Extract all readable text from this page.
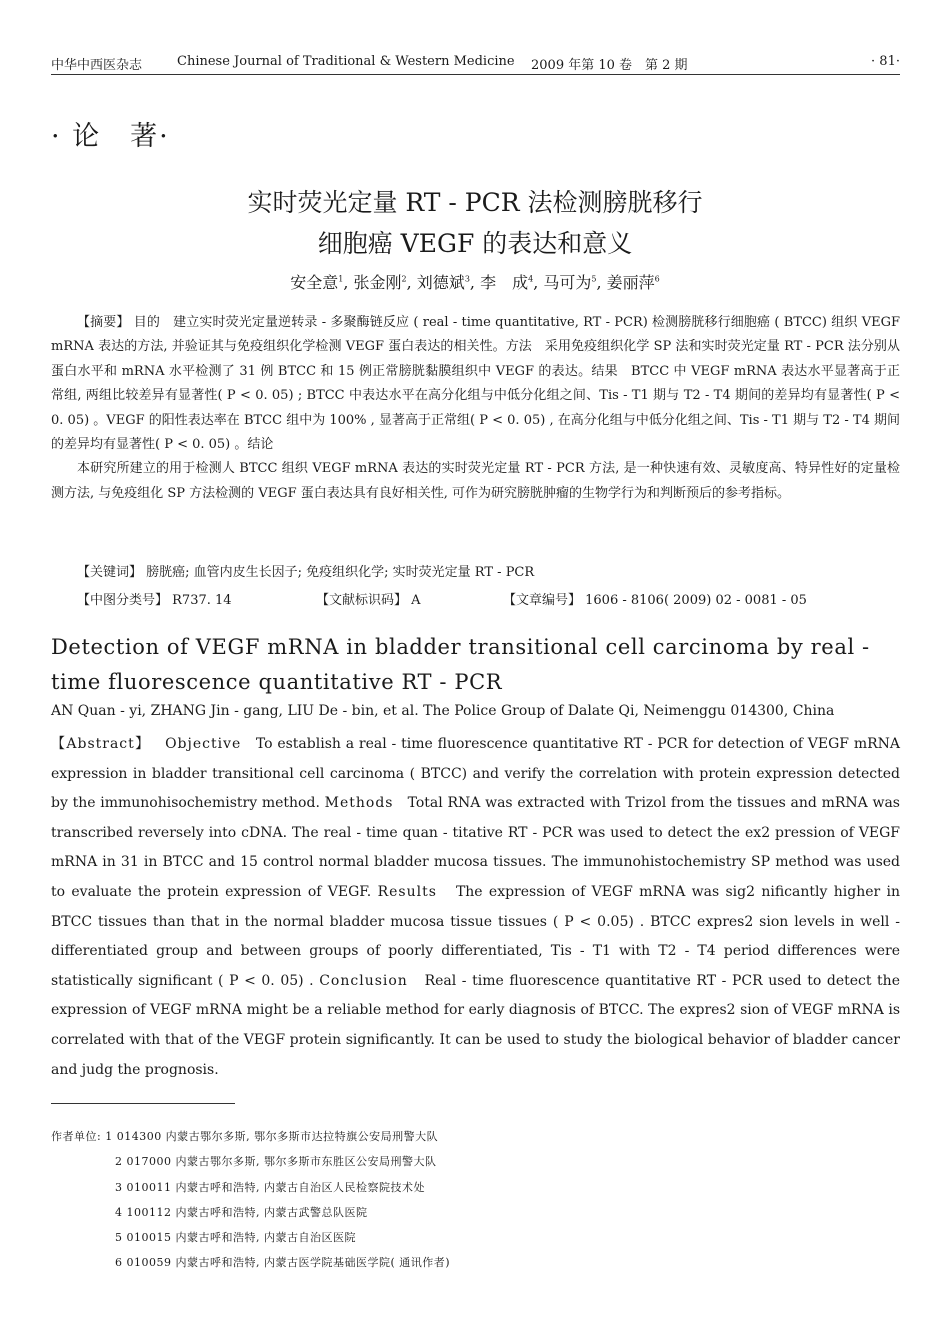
中华中西医杂志	Chinese Journal of Traditional & Western Medicine 2009 年第 10 卷　第 2 期	· 81·
· 论　著·
实时荧光定量 RT - PCR 法检测膀胱移行
细胞癌 VEGF 的表达和意义
安全意$^1$, 张金刚$^2$, 刘德斌$^3$, 李　成$^4$, 马可为$^5$, 姜丽萍$^6$
【摘要】 目的　建立实时荧光定量逆转录 - 多聚酶链反应 ( real - time quantitative, RT - PCR) 检测膀胱移行细胞癌 ( BTCC) 组织 VEGF mRNA 表达的方法, 并验证其与免疫组织化学检测 VEGF 蛋白表达的相关性。方法　采用免疫组织化学 SP 法和实时荧光定量 RT - PCR 法分别从蛋白水平和 mRNA 水平检测了 31 例 BTCC 和 15 例正常膀胱黏膜组织中 VEGF 的表达。结果　BTCC 中 VEGF mRNA 表达水平显著高于正常组, 两组比较差异有显著性( P < 0. 05) ; BTCC 中表达水平在高分化组与中低分化组之间、Tis - T1 期与 T2 - T4 期间的差异均有显著性( P < 0. 05) 。VEGF 的阳性表达率在 BTCC 组中为 100% , 显著高于正常组( P < 0. 05) , 在高分化组与中低分化组之间、Tis - T1 期与 T2 - T4 期间的差异均有显著性( P < 0. 05) 。结论
本研究所建立的用于检测人 BTCC 组织 VEGF mRNA 表达的实时荧光定量 RT - PCR 方法, 是一种快速有效、灵敏度高、特异性好的定量检测方法, 与免疫组化 SP 方法检测的 VEGF 蛋白表达具有良好相关性, 可作为研究膀胱肿瘤的生物学行为和判断预后的参考指标。
【关键词】 膀胱癌; 血管内皮生长因子; 免疫组织化学; 实时荧光定量 RT - PCR
【中图分类号】 R737. 14	【文献标识码】 A	【文章编号】 1606 - 8106( 2009) 02 - 0081 - 05
Detection of VEGF mRNA in bladder transitional cell carcinoma by real - time fluorescence quantitative RT - PCR
AN Quan - yi, ZHANG Jin - gang, LIU De - bin, et al. The Police Group of Dalate Qi, Neimenggu 014300, China
【Abstract】 Objective To establish a real - time fluorescence quantitative RT - PCR for detection of VEGF mRNA expression in bladder transitional cell carcinoma ( BTCC) and verify the correlation with protein expression detected by the immunohisochemistry method. Methods Total RNA was extracted with Trizol from the tissues and mRNA was transcribed reversely into cDNA. The real - time quan - titative RT - PCR was used to detect the ex2 pression of VEGF mRNA in 31 in BTCC and 15 control normal bladder mucosa tissues. The immunohistochemistry SP method was used to evaluate the protein expression of VEGF. Results The expression of VEGF mRNA was sig2 nificantly higher in BTCC tissues than that in the normal bladder mucosa tissue tissues ( P < 0.05) . BTCC expres2 sion levels in well - differentiated group and between groups of poorly differentiated, Tis - T1 with T2 - T4 period differences were statistically significant ( P < 0. 05) . Conclusion Real - time fluorescence quantitative RT - PCR used to detect the expression of VEGF mRNA might be a reliable method for early diagnosis of BTCC. The expres2 sion of VEGF mRNA is correlated with that of the VEGF protein significantly. It can be used to study the biological behavior of bladder cancer and judg the prognosis.
作者单位: 1 014300 内蒙古鄂尔多斯, 鄂尔多斯市达拉特旗公安局刑警大队
2 017000 内蒙古鄂尔多斯, 鄂尔多斯市东胜区公安局刑警大队
3 010011 内蒙古呼和浩特, 内蒙古自治区人民检察院技术处
4 100112 内蒙古呼和浩特, 内蒙古武警总队医院
5 010015 内蒙古呼和浩特, 内蒙古自治区医院
6 010059 内蒙古呼和浩特, 内蒙古医学院基础医学院( 通讯作者)
